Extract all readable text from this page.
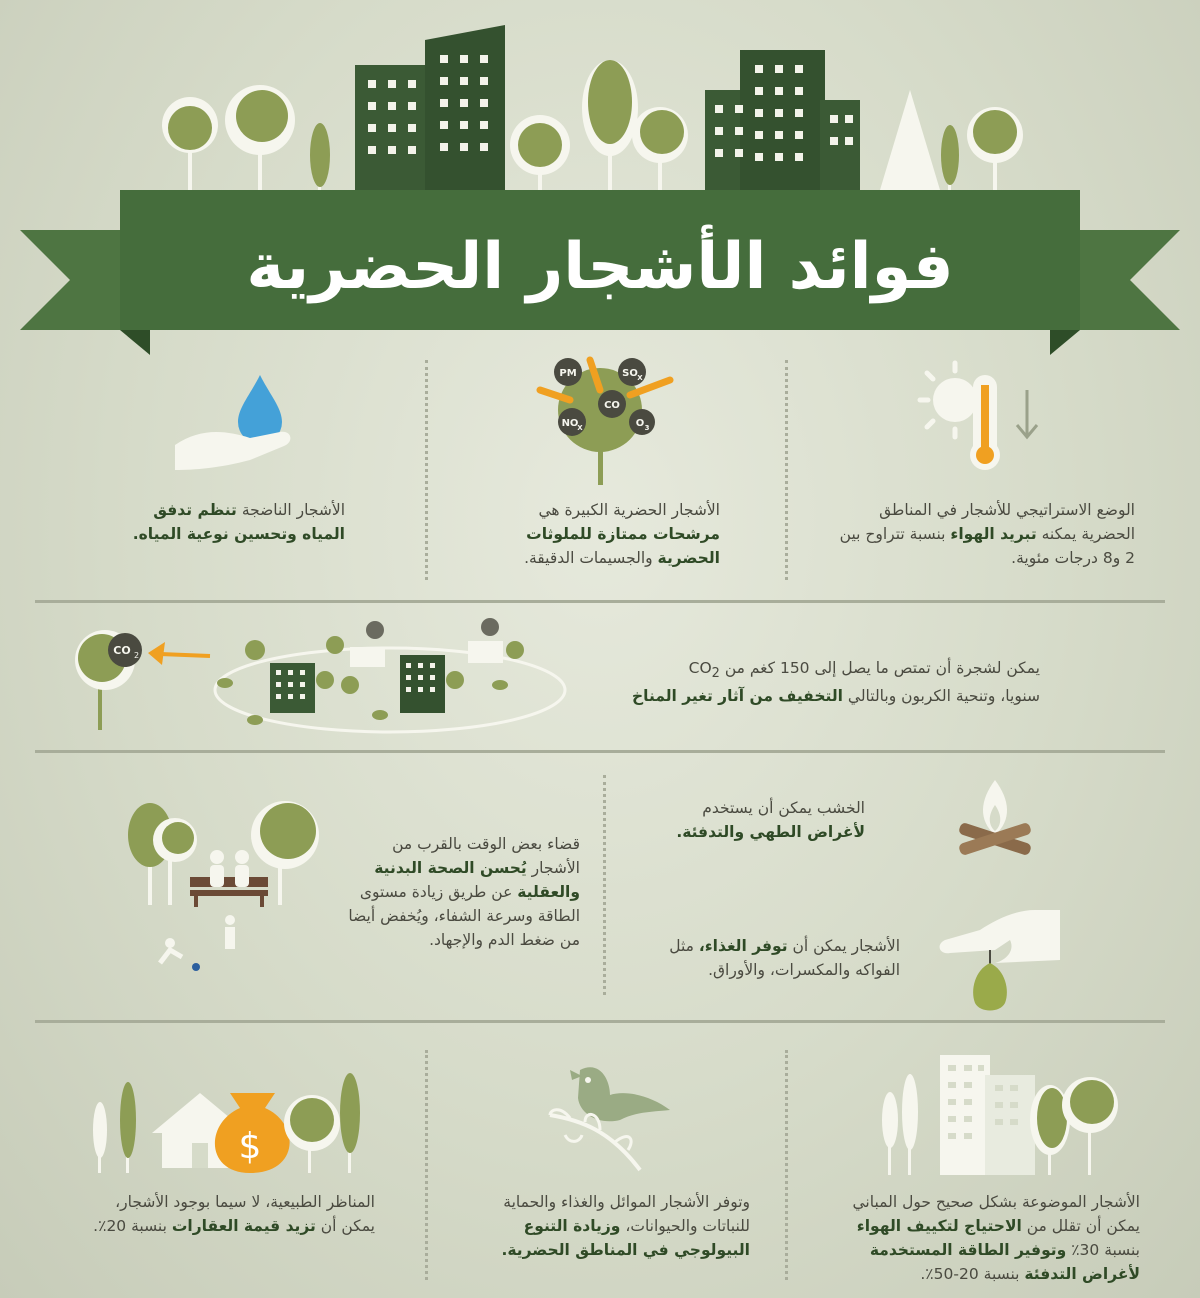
فوائد الأشجار الحضرية
PM	SO X
CO
NO
X	O 3
الأشجار الناضجة تنظم تدفق المياه وتحسين نوعية المياه.
الأشجار الحضرية الكبيرة هي مرشحات ممتازة للملوثات الحضرية والجسيمات الدقيقة.
الوضع الاستراتيجي للأشجار في المناطق الحضرية يمكنه تبريد الهواء بنسبة تتراوح بين 2 و8 درجات مئوية.
CO 2
يمكن لشجرة أن تمتص ما يصل إلى 150 كغم من $CO_2$
سنويا، وتنحية الكربون وبالتالي التخفيف من آثار تغير المناخ
قضاء بعض الوقت بالقرب من الأشجار يُحسن الصحة البدنية والعقلية عن طريق زيادة مستوى الطاقة وسرعة الشفاء، ويُخفض أيضا من ضغط الدم والإجهاد.
الخشب يمكن أن يستخدم لأغراض الطهي والتدفئة.
الأشجار يمكن أن توفر الغذاء، مثل الفواكه والمكسرات، والأوراق.
$
المناظر الطبيعية، لا سيما بوجود الأشجار، يمكن أن تزيد قيمة العقارات بنسبة 20٪.
وتوفر الأشجار الموائل والغذاء والحماية للنباتات والحيوانات، وزيادة التنوع البيولوجي في المناطق الحضرية.
الأشجار الموضوعة بشكل صحيح حول المباني يمكن أن تقلل من الاحتياج لتكييف الهواء بنسبة 30٪ وتوفير الطاقة المستخدمة لأغراض التدفئة بنسبة 20-50٪.
